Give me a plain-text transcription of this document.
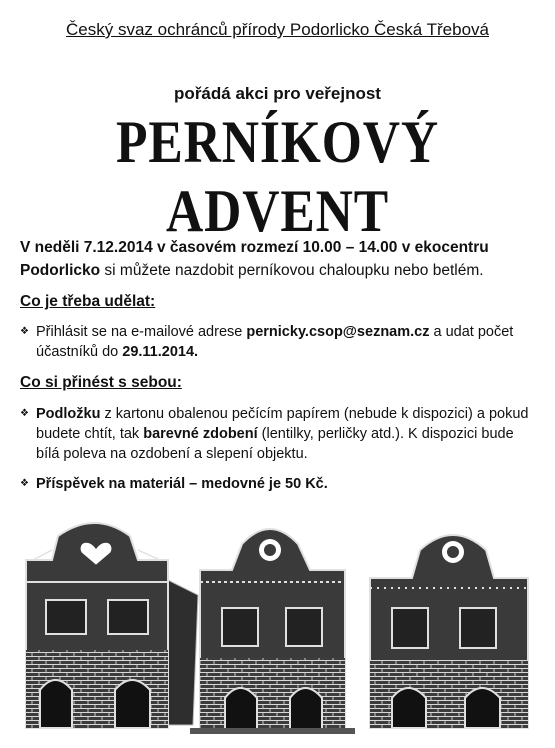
Český svaz ochránců přírody Podorlicko Česká Třebová
pořádá akci pro veřejnost
PERNÍKOVÝ ADVENT
V neděli 7.12.2014 v časovém rozmezí 10.00 – 14.00 v ekocentru
Podorlicko si můžete nazdobit perníkovou chaloupku nebo betlém.
Co je třeba udělat:
❖ Přihlásit se na e-mailové adrese pernicky.csop@seznam.cz a udat počet účastníků do 29.11.2014.
Co si přinést s sebou:
❖ Podložku z kartonu obalenou pečícím papírem (nebude k dispozici) a pokud budete chtít, tak barevné zdobení (lentilky, perličky atd.). K dispozici bude bílá poleva na ozdobení a slepení objektu.
❖ Příspěvek na materiál – medovné je 50 Kč.
